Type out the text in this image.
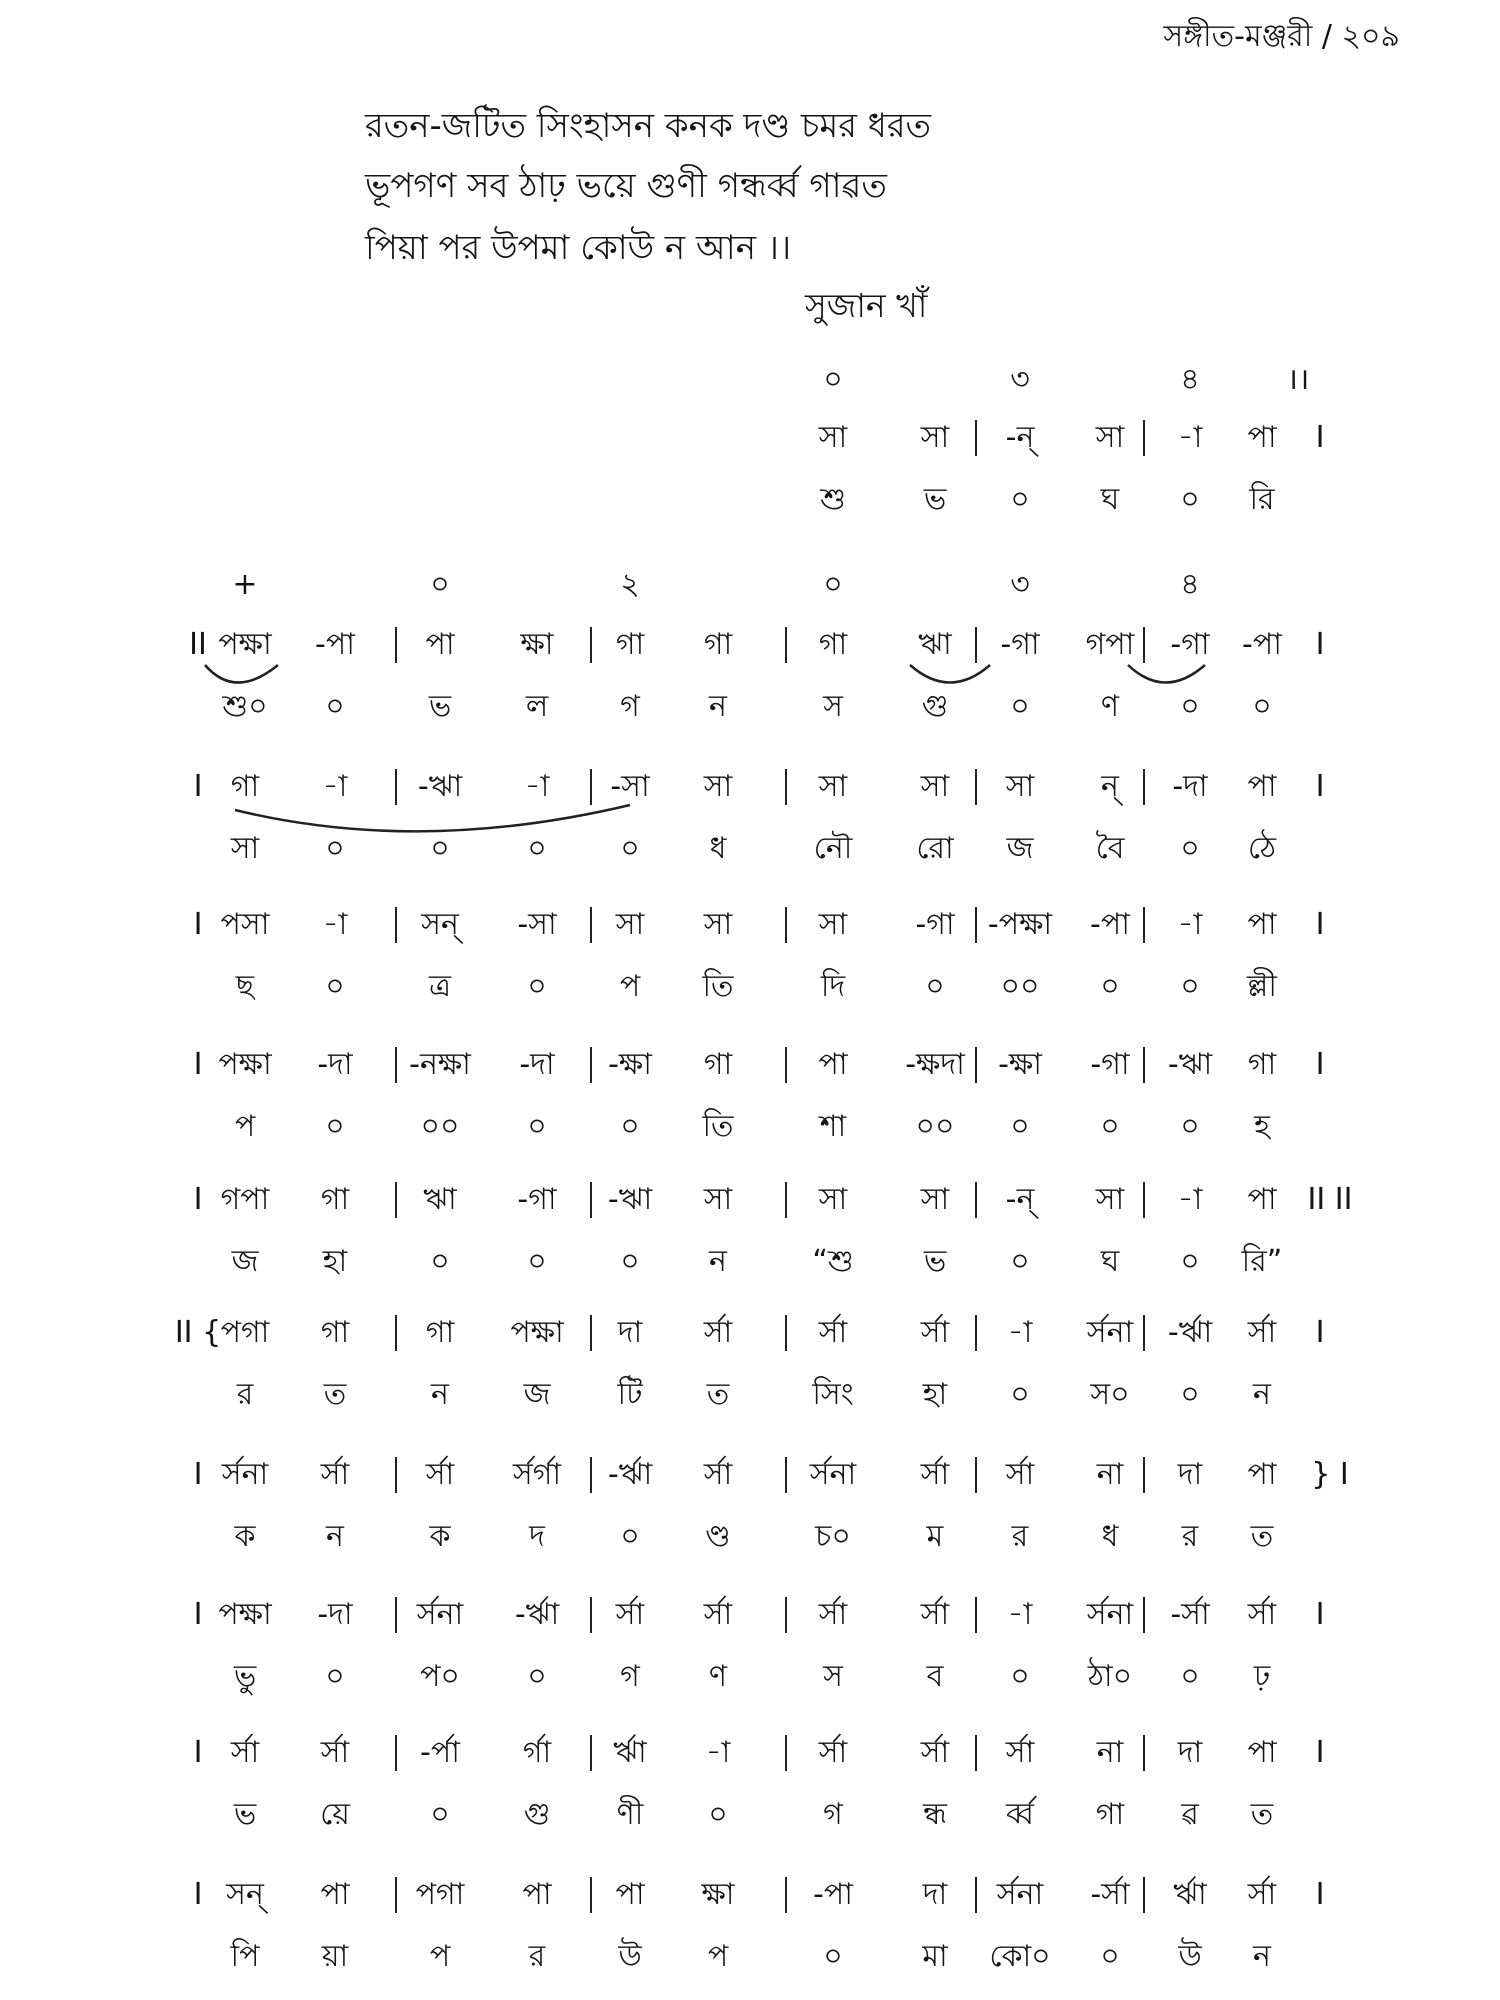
সঙ্গীত-মঞ্জরী / ২০৯
রতন-জটিত সিংহাসন কনক দণ্ড চমর ধরত
ভূপগণ সব ঠাঢ় ভয়ে গুণী গন্ধর্ব্ব গাৱত
পিয়া পর উপমা কোউ ন আন ।।
সুজান খাঁ
০	৩	৪	।।
সা সা -ন্ সা -া পা I
শু	ভ ০ ঘ ০ রি
+	০	২	০	৩	৪
II পক্ষা -পা পা ক্ষা গা গা	গা ঋা -গা গপা -গা -পা I
শু০ ০	ভ ল গ ন	স	গু ০ ণ ০ ০
I গা -া -ঋা -া -সা সা	সা সা সা ন্ -দা পা I
সা ০	০	০ ০ ধ	নৌ রো জ বৈ ০ ঠে
I পসা -া সন্ -সা সা সা	সা -গা -পক্ষা -পা -া পা I
ছ ০	ত্র	০ প তি	দি	০ ০০ ০ ০ ল্লী
I পক্ষা -দা -নক্ষা -দা -ক্ষা গা	পা -ক্ষদা -ক্ষা -গা -ঋা গা I
প ০	০০ ০ ০ তি	শা ০০ ০ ০ ০ হ
I গপা গা ঋা -গা -ঋা সা	সা সা -ন্ সা -া পা II II
জ হা	০	০ ০ ন	“শু ভ ০ ঘ ০ রি”
II { পগা গা	গা পক্ষা দা র্সা	র্সা র্সা -া র্সনা -র্ঋা র্সা I
র ত	ন জ টি ত	সিং হা ০ স০ ০ ন
I র্সনা র্সা	র্সা র্সর্গা -র্ঋা র্সা	র্সনা র্সা র্সা না দা পা } I
ক ন	ক	দ	০ ণ্ড	চ০	ম র ধ র ত
I পক্ষা -দা র্সনা -র্ঋা র্সা র্সা	র্সা র্সা -া র্সনা -র্সা র্সা I
ভু ০	প০ ০ গ ণ	স	ব ০ ঠা০ ০ ঢ়
I র্সা র্সা -র্পা র্গা র্ঋা -া	র্সা র্সা র্সা না দা পা I
ভ য়ে	০ গু ণী ০	গ	ন্ধ র্ব্ব গা ৱ ত
I সন্ পা পগা পা পা ক্ষা	-পা দা র্সনা -র্সা র্ঋা র্সা I
পি য়া	প	র উ প	০	মা কো০ ০ উ ন
